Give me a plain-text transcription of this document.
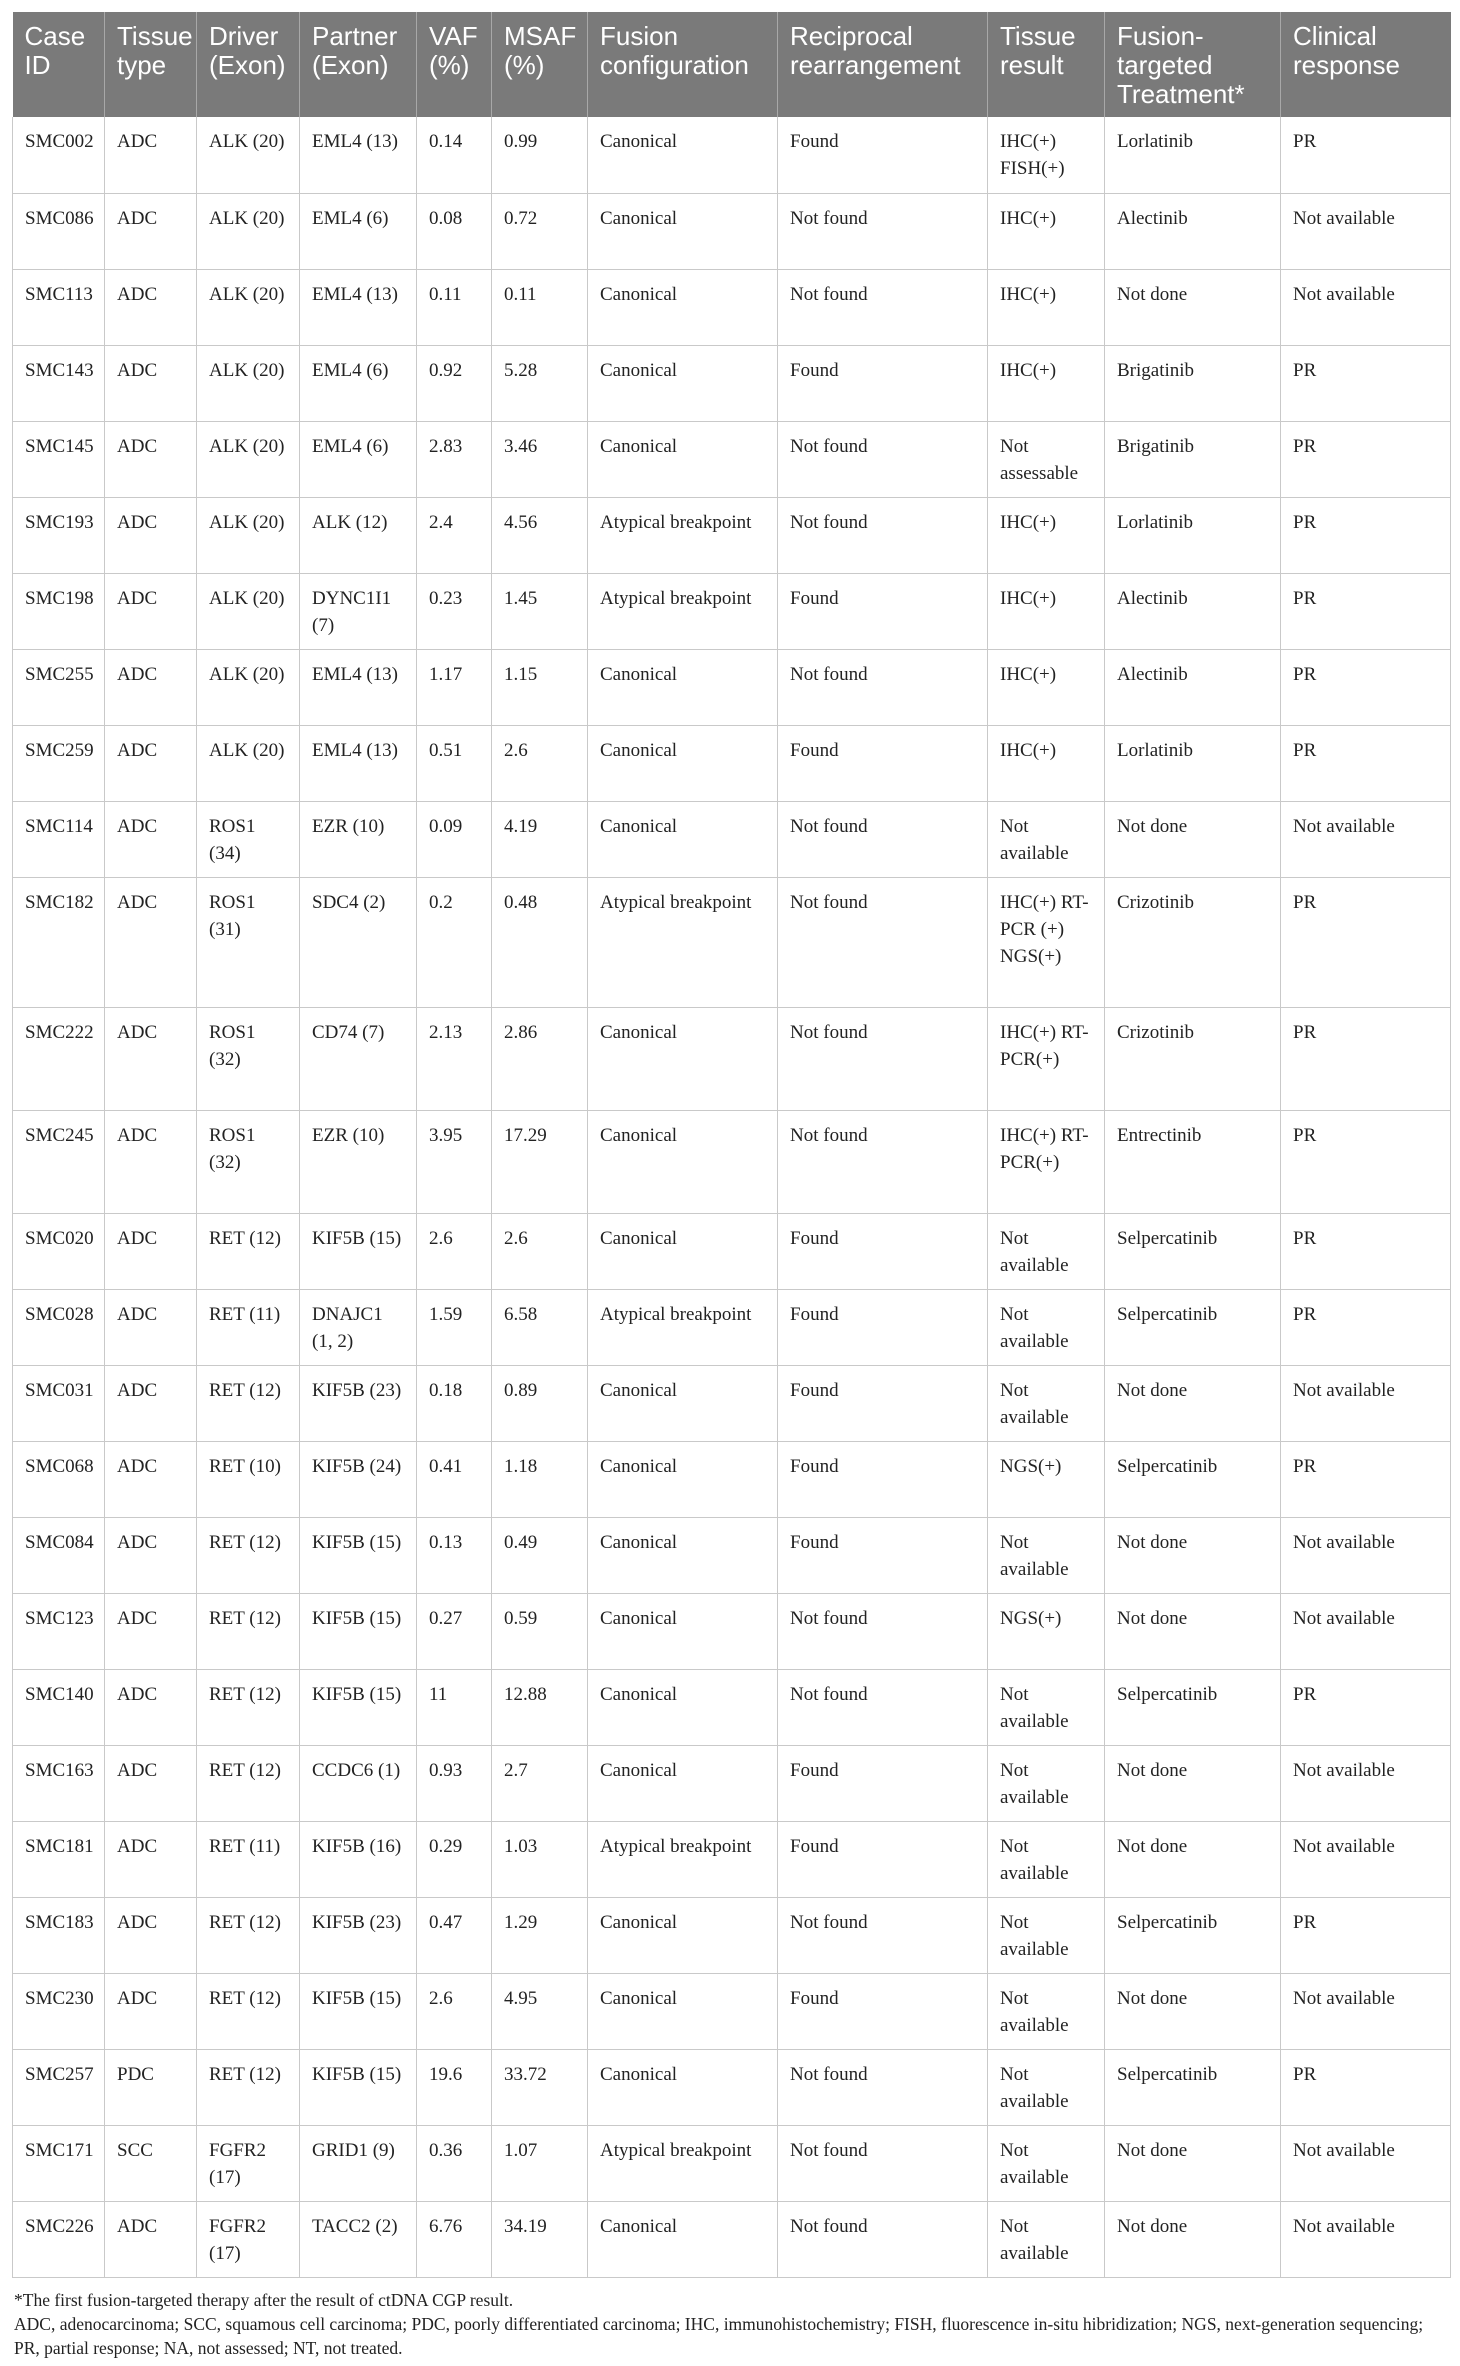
Case ID	Tissue type	Driver (Exon)	Partner (Exon)	VAF (%)	MSAF (%)	Fusion configuration	Reciprocal rearrangement	Tissue result	Fusion-targeted Treatment*	Clinical response
SMC002	ADC	ALK (20)	EML4 (13)	0.14	0.99	Canonical	Found	IHC(+) FISH(+)	Lorlatinib	PR
SMC086	ADC	ALK (20)	EML4 (6)	0.08	0.72	Canonical	Not found	IHC(+)	Alectinib	Not available
SMC113	ADC	ALK (20)	EML4 (13)	0.11	0.11	Canonical	Not found	IHC(+)	Not done	Not available
SMC143	ADC	ALK (20)	EML4 (6)	0.92	5.28	Canonical	Found	IHC(+)	Brigatinib	PR
SMC145	ADC	ALK (20)	EML4 (6)	2.83	3.46	Canonical	Not found	Not assessable	Brigatinib	PR
SMC193	ADC	ALK (20)	ALK (12)	2.4	4.56	Atypical breakpoint	Not found	IHC(+)	Lorlatinib	PR
SMC198	ADC	ALK (20)	DYNC1I1 (7)	0.23	1.45	Atypical breakpoint	Found	IHC(+)	Alectinib	PR
SMC255	ADC	ALK (20)	EML4 (13)	1.17	1.15	Canonical	Not found	IHC(+)	Alectinib	PR
SMC259	ADC	ALK (20)	EML4 (13)	0.51	2.6	Canonical	Found	IHC(+)	Lorlatinib	PR
SMC114	ADC	ROS1 (34)	EZR (10)	0.09	4.19	Canonical	Not found	Not available	Not done	Not available
SMC182	ADC	ROS1 (31)	SDC4 (2)	0.2	0.48	Atypical breakpoint	Not found	IHC(+) RT-PCR (+) NGS(+)	Crizotinib	PR
SMC222	ADC	ROS1 (32)	CD74 (7)	2.13	2.86	Canonical	Not found	IHC(+) RT-PCR(+)	Crizotinib	PR
SMC245	ADC	ROS1 (32)	EZR (10)	3.95	17.29	Canonical	Not found	IHC(+) RT-PCR(+)	Entrectinib	PR
SMC020	ADC	RET (12)	KIF5B (15)	2.6	2.6	Canonical	Found	Not available	Selpercatinib	PR
SMC028	ADC	RET (11)	DNAJC1 (1, 2)	1.59	6.58	Atypical breakpoint	Found	Not available	Selpercatinib	PR
SMC031	ADC	RET (12)	KIF5B (23)	0.18	0.89	Canonical	Found	Not available	Not done	Not available
SMC068	ADC	RET (10)	KIF5B (24)	0.41	1.18	Canonical	Found	NGS(+)	Selpercatinib	PR
SMC084	ADC	RET (12)	KIF5B (15)	0.13	0.49	Canonical	Found	Not available	Not done	Not available
SMC123	ADC	RET (12)	KIF5B (15)	0.27	0.59	Canonical	Not found	NGS(+)	Not done	Not available
SMC140	ADC	RET (12)	KIF5B (15)	11	12.88	Canonical	Not found	Not available	Selpercatinib	PR
SMC163	ADC	RET (12)	CCDC6 (1)	0.93	2.7	Canonical	Found	Not available	Not done	Not available
SMC181	ADC	RET (11)	KIF5B (16)	0.29	1.03	Atypical breakpoint	Found	Not available	Not done	Not available
SMC183	ADC	RET (12)	KIF5B (23)	0.47	1.29	Canonical	Not found	Not available	Selpercatinib	PR
SMC230	ADC	RET (12)	KIF5B (15)	2.6	4.95	Canonical	Found	Not available	Not done	Not available
SMC257	PDC	RET (12)	KIF5B (15)	19.6	33.72	Canonical	Not found	Not available	Selpercatinib	PR
SMC171	SCC	FGFR2 (17)	GRID1 (9)	0.36	1.07	Atypical breakpoint	Not found	Not available	Not done	Not available
SMC226	ADC	FGFR2 (17)	TACC2 (2)	6.76	34.19	Canonical	Not found	Not available	Not done	Not available
*The first fusion-targeted therapy after the result of ctDNA CGP result.
ADC, adenocarcinoma; SCC, squamous cell carcinoma; PDC, poorly differentiated carcinoma; IHC, immunohistochemistry; FISH, fluorescence in-situ hibridization; NGS, next-generation sequencing; PR, partial response; NA, not assessed; NT, not treated.
